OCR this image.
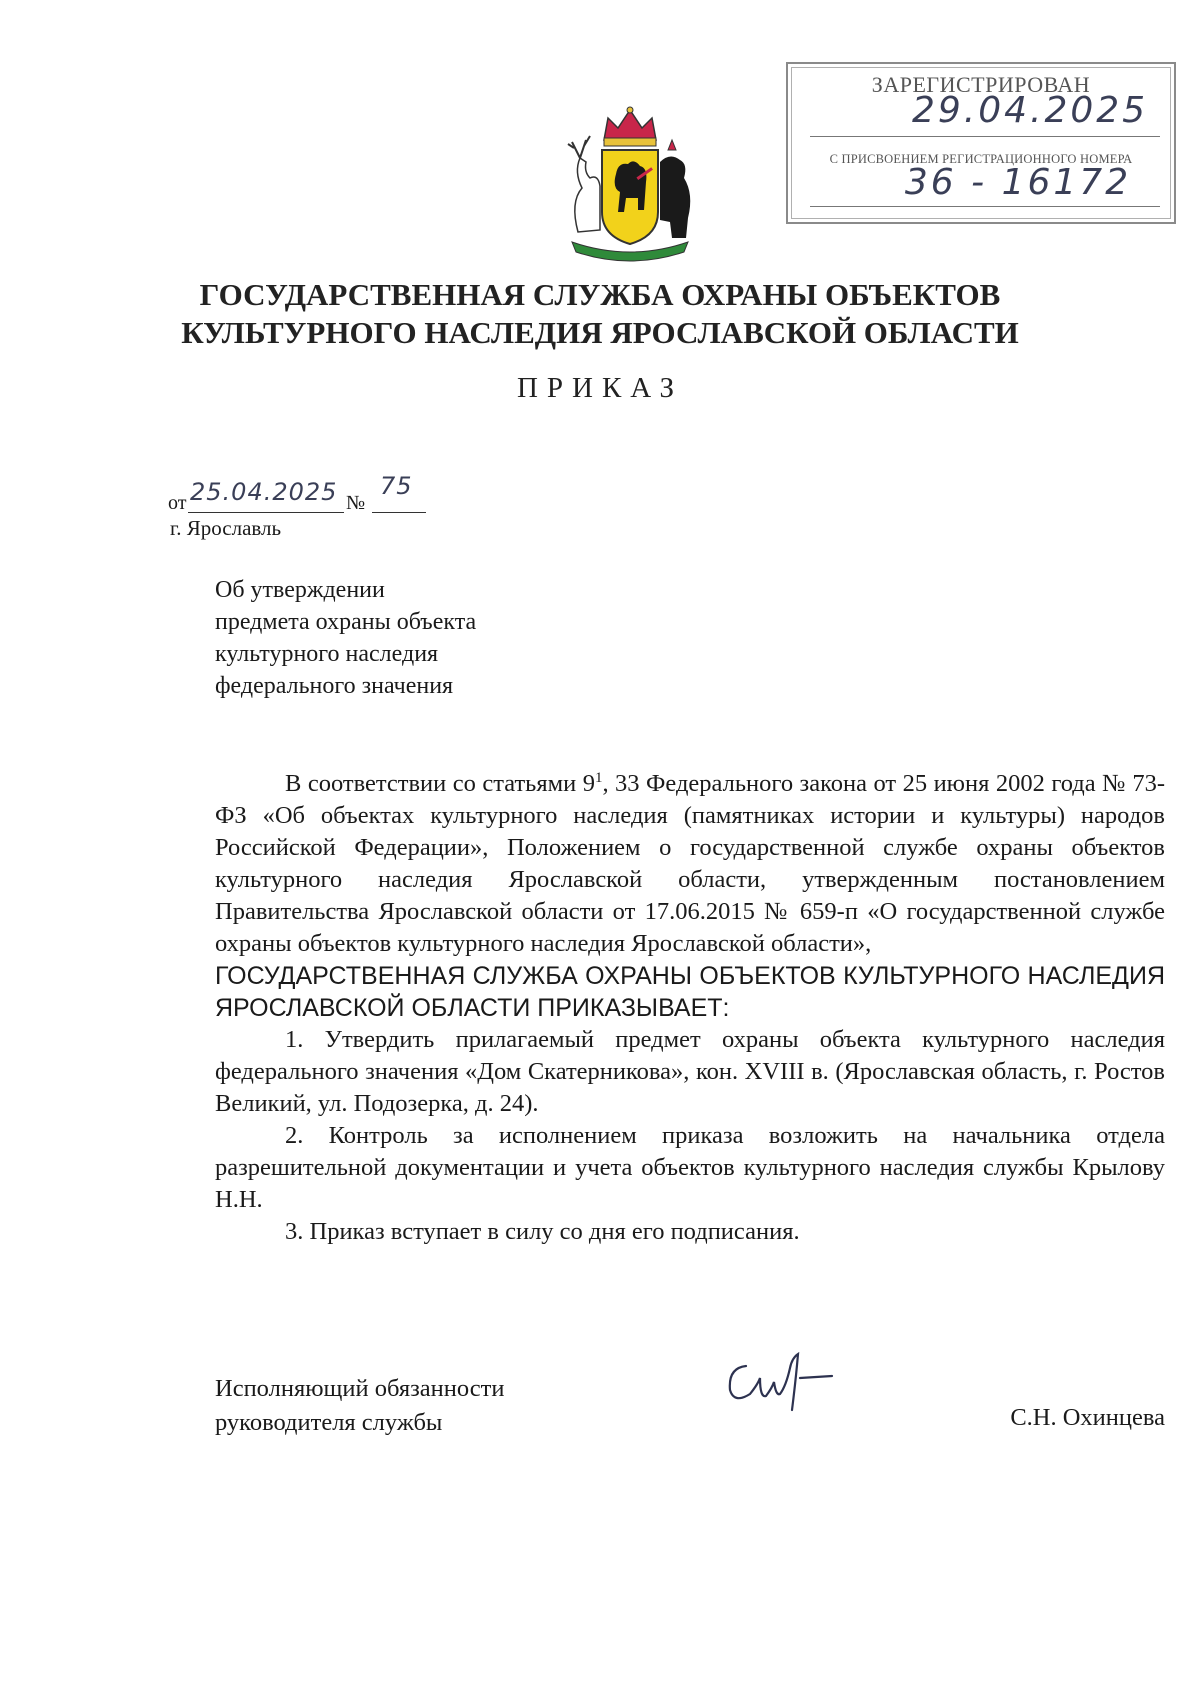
ЗАРЕГИСТРИРОВАН
29.04.2025
С ПРИСВОЕНИЕМ РЕГИСТРАЦИОННОГО НОМЕРА
36 - 16172
ГОСУДАРСТВЕННАЯ СЛУЖБА ОХРАНЫ ОБЪЕКТОВ
КУЛЬТУРНОГО НАСЛЕДИЯ ЯРОСЛАВСКОЙ ОБЛАСТИ
ПРИКАЗ
от 25.04.2025 №
75
г. Ярославль
Об утверждении
предмета охраны объекта
культурного наследия
федерального значения

В соответствии со статьями $9^1$, 33 Федерального закона от 25 июня 2002 года № 73-ФЗ «Об объектах культурного наследия (памятниках истории и культуры) народов Российской Федерации», Положением о государственной службе охраны объектов культурного наследия Ярославской области, утвержденным постановлением Правительства Ярославской области от 17.06.2015 № 659-п «О государственной службе охраны объектов культурного наследия Ярославской области»,

ГОСУДАРСТВЕННАЯ СЛУЖБА ОХРАНЫ ОБЪЕКТОВ КУЛЬТУРНОГО НАСЛЕДИЯ ЯРОСЛАВСКОЙ ОБЛАСТИ ПРИКАЗЫВАЕТ:

1. Утвердить прилагаемый предмет охраны объекта культурного наследия федерального значения «Дом Скатерникова», кон. XVIII в. (Ярославская область, г. Ростов Великий, ул. Подозерка, д. 24).

2. Контроль за исполнением приказа возложить на начальника отдела разрешительной документации и учета объектов культурного наследия службы Крылову Н.Н.

3. Приказ вступает в силу со дня его подписания.

Исполняющий обязанности
руководителя службы	С.Н. Охинцева
